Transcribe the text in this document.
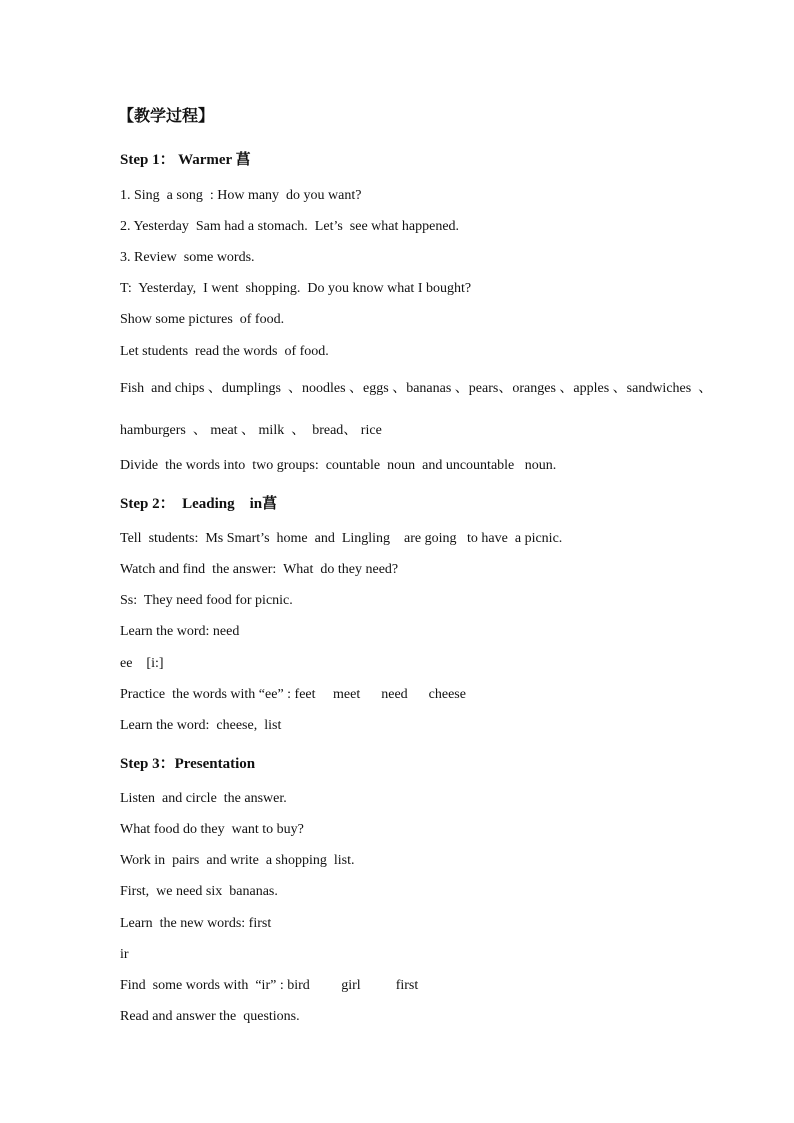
【教学过程】
Step 1： Warmer 菖
1. Sing  a song  : How many  do you want?
2. Yesterday  Sam had a stomach.  Let’s  see what happened.
3. Review  some words.
T:  Yesterday,  I went  shopping.  Do you know what I bought?
Show some pictures  of food.
Let students  read the words  of food.
Fish  and chips 、dumplings  、noodles 、eggs 、bananas 、pears、oranges 、apples 、sandwiches  、
hamburgers  、 meat 、 milk  、  bread、 rice
Divide  the words into  two groups:  countable  noun  and uncountable   noun.
Step 2：  Leading    in菖
Tell  students:  Ms Smart’s  home  and  Lingling    are going   to have  a picnic.
Watch and find  the answer:  What  do they need?
Ss:  They need food for picnic.
Learn the word: need
ee    [i:]
Practice  the words with “ee” : feet     meet      need      cheese
Learn the word:  cheese,  list
Step 3：Presentation
Listen  and circle  the answer.
What food do they  want to buy?
Work in  pairs  and write  a shopping  list.
First,  we need six  bananas.
Learn  the new words: first
ir
Find  some words with  “ir” : bird         girl          first
Read and answer the  questions.
